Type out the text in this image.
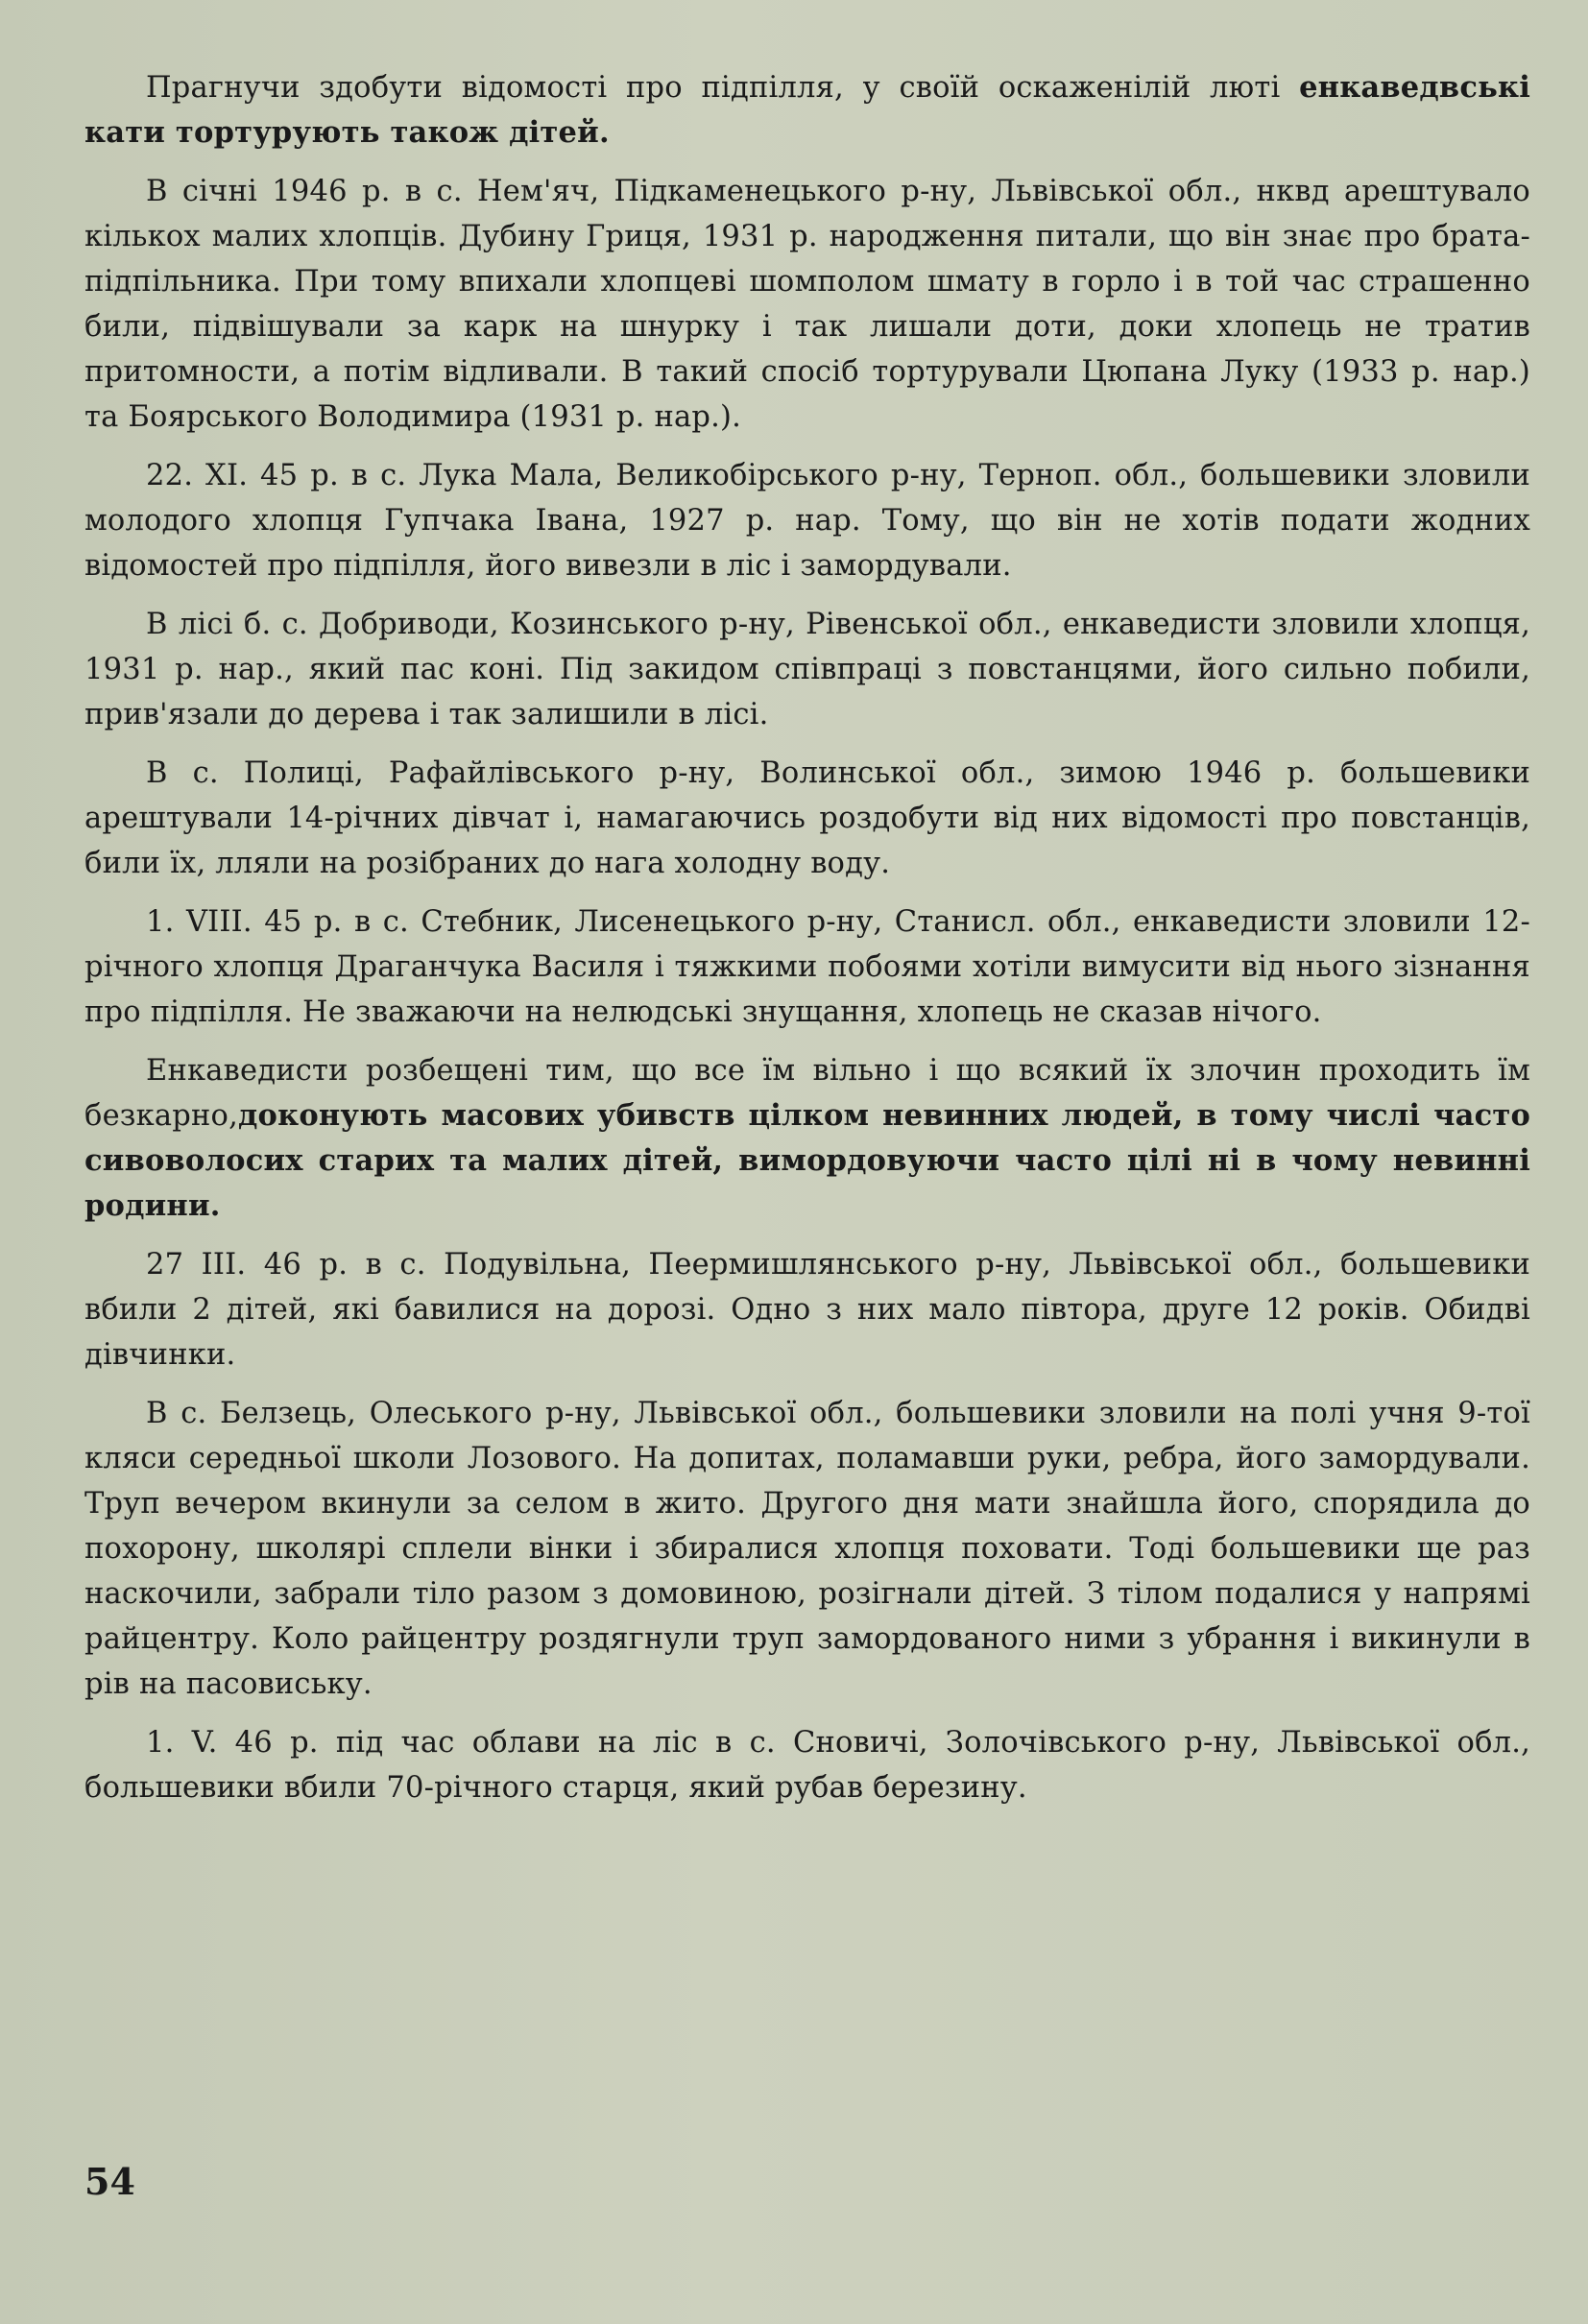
Прагнучи здобути відомості про підпілля, у своїй оскаженілій люті енкаведвські кати тортурують також дітей.

В січні 1946 р. в с. Нем'яч, Підкаменецького р-ну, Львівської обл., нквд арештувало кількох малих хлопців. Дубину Гриця, 1931 р. народження питали, що він знає про брата-підпільника. При тому впихали хлопцеві шомполом шмату в горло і в той час страшенно били, підвішували за карк на шнурку і так лишали доти, доки хлопець не тратив притомности, а потім відливали. В такий спосіб тортурували Цюпана Луку (1933 р. нар.) та Боярського Володимира (1931 р. нар.).

22. XI. 45 р. в с. Лука Мала, Великобірського р-ну, Терноп. обл., большевики зловили молодого хлопця Гупчака Івана, 1927 р. нар. Тому, що він не хотів подати жодних відомостей про підпілля, його вивезли в ліс і замордували.

В лісі б. с. Добриводи, Козинського р-ну, Рівенської обл., енкаведисти зловили хлопця, 1931 р. нар., який пас коні. Під закидом співпраці з повстанцями, його сильно побили, прив'язали до дерева і так залишили в лісі.

В с. Полиці, Рафайлівського р-ну, Волинської обл., зимою 1946 р. большевики арештували 14-річних дівчат і, намагаючись роздобути від них відомості про повстанців, били їх, лляли на розібраних до нага холодну воду.

1. VIII. 45 р. в с. Стебник, Лисенецького р-ну, Станисл. обл., енкаведисти зловили 12-річного хлопця Драганчука Василя і тяжкими побоями хотіли вимусити від нього зізнання про підпілля. Не зважаючи на нелюдські знущання, хлопець не сказав нічого.

Енкаведисти розбещені тим, що все їм вільно і що всякий їх злочин проходить їм безкарно,доконують масових убивств цілком невинних людей, в тому числі часто сивоволосих старих та малих дітей, вимордовуючи часто цілі ні в чому невинні родини.

27 III. 46 р. в с. Подувільна, Пеермишлянського р-ну, Львівської обл., большевики вбили 2 дітей, які бавилися на дорозі. Одно з них мало півтора, друге 12 років. Обидві дівчинки.

В с. Белзець, Олеського р-ну, Львівської обл., большевики зловили на полі учня 9-тої кляси середньої школи Лозового. На допитах, поламавши руки, ребра, його замордували. Труп вечером вкинули за селом в жито. Другого дня мати знайшла його, спорядила до похорону, школярі сплели вінки і збиралися хлопця поховати. Тоді большевики ще раз наскочили, забрали тіло разом з домовиною, розігнали дітей. З тілом подалися у напрямі райцентру. Коло райцентру роздягнули труп замордованого ними з убрання і викинули в рів на пасовиську.

1. V. 46 р. під час облави на ліс в с. Сновичі, Золочівського р-ну, Львівської обл., большевики вбили 70-річного старця, який рубав березину.

54
